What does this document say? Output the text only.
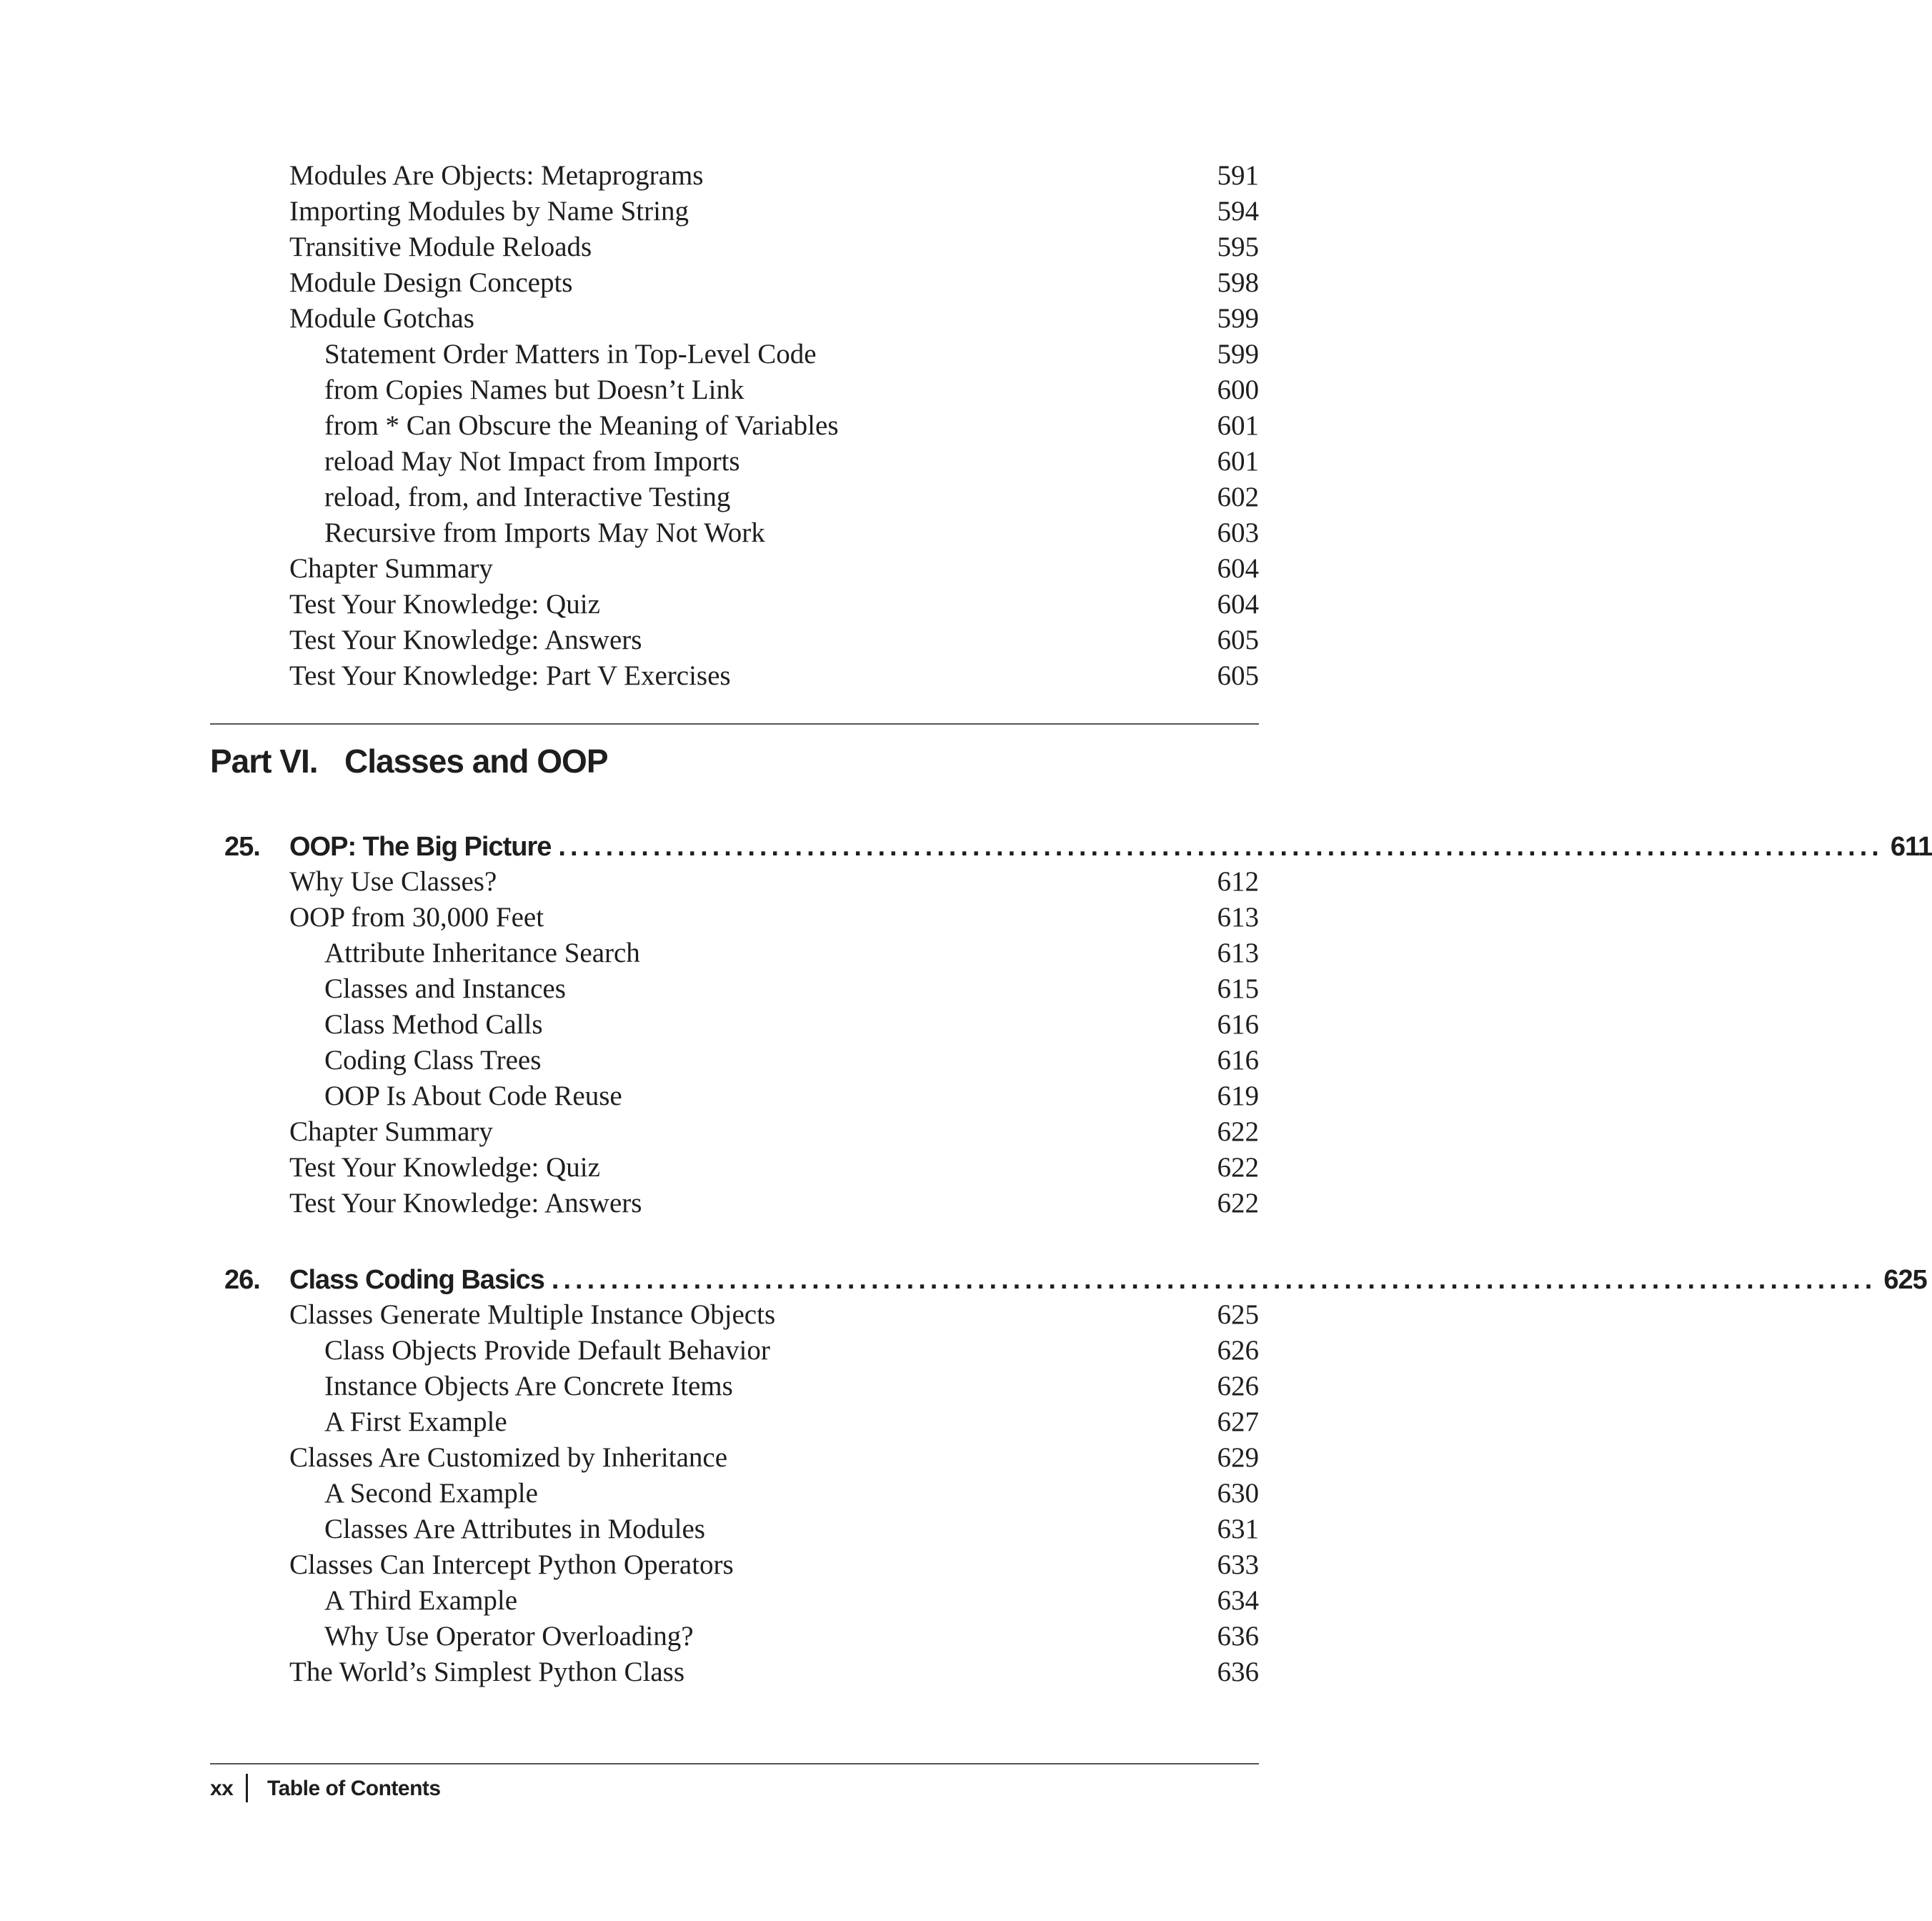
Modules Are Objects: Metaprograms	591
Importing Modules by Name String	594
Transitive Module Reloads	595
Module Design Concepts	598
Module Gotchas	599
Statement Order Matters in Top-Level Code	599
from Copies Names but Doesn’t Link	600
from * Can Obscure the Meaning of Variables	601
reload May Not Impact from Imports	601
reload, from, and Interactive Testing	602
Recursive from Imports May Not Work	603
Chapter Summary	604
Test Your Knowledge: Quiz	604
Test Your Knowledge: Answers	605
Test Your Knowledge: Part V Exercises	605
Part VI. Classes and OOP
25. OOP: The Big Picture ................................................................................................................ 611
Why Use Classes?	612
OOP from 30,000 Feet	613
Attribute Inheritance Search	613
Classes and Instances	615
Class Method Calls	616
Coding Class Trees	616
OOP Is About Code Reuse	619
Chapter Summary	622
Test Your Knowledge: Quiz	622
Test Your Knowledge: Answers	622
26. Class Coding Basics ................................................................................................................ 625
Classes Generate Multiple Instance Objects	625
Class Objects Provide Default Behavior	626
Instance Objects Are Concrete Items	626
A First Example	627
Classes Are Customized by Inheritance	629
A Second Example	630
Classes Are Attributes in Modules	631
Classes Can Intercept Python Operators	633
A Third Example	634
Why Use Operator Overloading?	636
The World’s Simplest Python Class	636
xx Table of Contents
